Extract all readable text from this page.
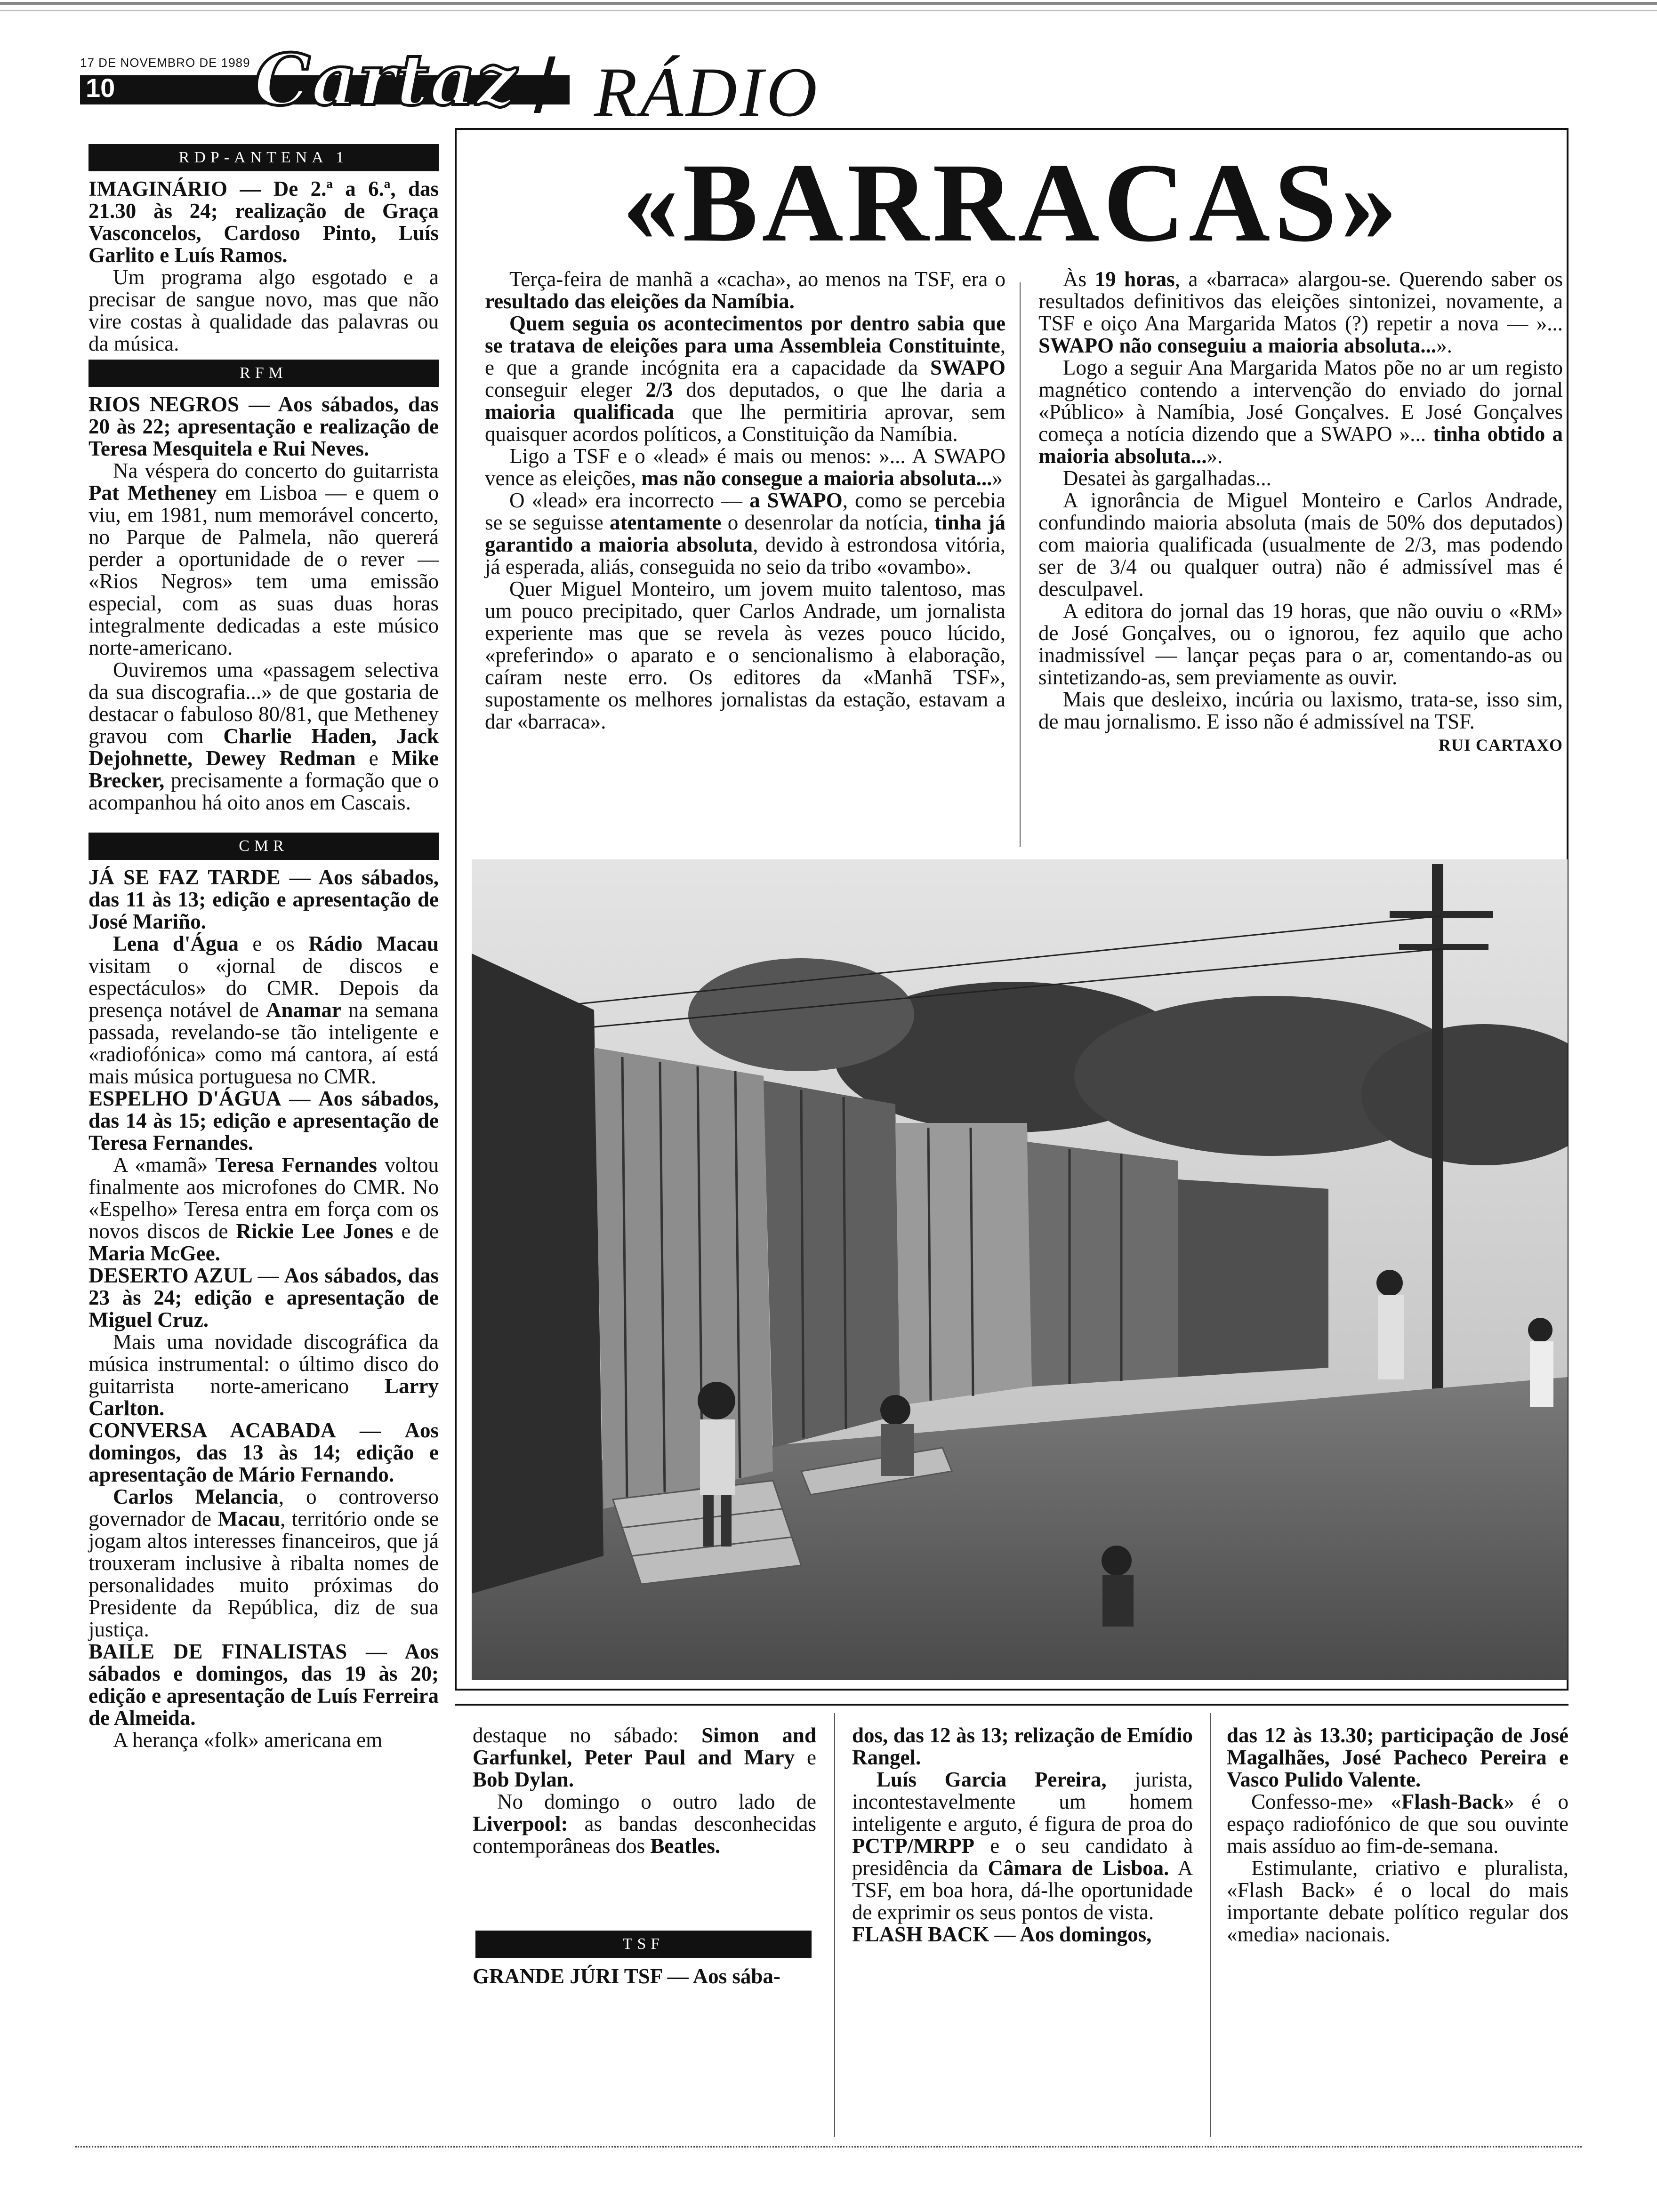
17 DE NOVEMBRO DE 1989
10 Cartaz RÁDIO
RDP-ANTENA 1

IMAGINÁRIO — De 2.ª a 6.ª, das 21.30 às 24; realização de Graça Vasconcelos, Cardoso Pinto, Luís Garlito e Luís Ramos.

Um programa algo esgotado e a precisar de sangue novo, mas que não vire costas à qualidade das palavras ou da música.

RFM

RIOS NEGROS — Aos sábados, das 20 às 22; apresentação e realização de Teresa Mesquitela e Rui Neves.

Na véspera do concerto do guitarrista Pat Metheney em Lisboa — e quem o viu, em 1981, num memorável concerto, no Parque de Palmela, não quererá perder a oportunidade de o rever — «Rios Negros» tem uma emissão especial, com as suas duas horas integralmente dedicadas a este músico norte-americano.

Ouviremos uma «passagem selectiva da sua discografia...» de que gostaria de destacar o fabuloso 80/81, que Metheney gravou com Charlie Haden, Jack Dejohnette, Dewey Redman e Mike Brecker, precisamente a formação que o acompanhou há oito anos em Cascais.

CMR

JÁ SE FAZ TARDE — Aos sábados, das 11 às 13; edição e apresentação de José Mariño.

Lena d'Água e os Rádio Macau visitam o «jornal de discos e espectáculos» do CMR. Depois da presença notável de Anamar na semana passada, revelando-se tão inteligente e «radiofónica» como má cantora, aí está mais música portuguesa no CMR.

ESPELHO D'ÁGUA — Aos sábados, das 14 às 15; edição e apresentação de Teresa Fernandes.

A «mamã» Teresa Fernandes voltou finalmente aos microfones do CMR. No «Espelho» Teresa entra em força com os novos discos de Rickie Lee Jones e de Maria McGee.

DESERTO AZUL — Aos sábados, das 23 às 24; edição e apresentação de Miguel Cruz.

Mais uma novidade discográfica da música instrumental: o último disco do guitarrista norte-americano Larry Carlton.

CONVERSA ACABADA — Aos domingos, das 13 às 14; edição e apresentação de Mário Fernando.

Carlos Melancia, o controverso governador de Macau, território onde se jogam altos interesses financeiros, que já trouxeram inclusive à ribalta nomes de personalidades muito próximas do Presidente da República, diz de sua justiça.

BAILE DE FINALISTAS — Aos sábados e domingos, das 19 às 20; edição e apresentação de Luís Ferreira de Almeida.

A herança «folk» americana em

«BARRACAS»

Terça-feira de manhã a «cacha», ao menos na TSF, era o resultado das eleições da Namíbia.

Quem seguia os acontecimentos por dentro sabia que se tratava de eleições para uma Assembleia Constituinte, e que a grande incógnita era a capacidade da SWAPO conseguir eleger 2/3 dos deputados, o que lhe daria a maioria qualificada que lhe permitiria aprovar, sem quaisquer acordos políticos, a Constituição da Namíbia.

Ligo a TSF e o «lead» é mais ou menos: »... A SWAPO vence as eleições, mas não consegue a maioria absoluta...»

O «lead» era incorrecto — a SWAPO, como se percebia se se seguisse atentamente o desenrolar da notícia, tinha já garantido a maioria absoluta, devido à estrondosa vitória, já esperada, aliás, conseguida no seio da tribo «ovambo».

Quer Miguel Monteiro, um jovem muito talentoso, mas um pouco precipitado, quer Carlos Andrade, um jornalista experiente mas que se revela às vezes pouco lúcido, «preferindo» o aparato e o sencionalismo à elaboração, caíram neste erro. Os editores da «Manhã TSF», supostamente os melhores jornalistas da estação, estavam a dar «barraca».

Às 19 horas, a «barraca» alargou-se. Querendo saber os resultados definitivos das eleições sintonizei, novamente, a TSF e oiço Ana Margarida Matos (?) repetir a nova — »... SWAPO não conseguiu a maioria absoluta...».

Logo a seguir Ana Margarida Matos põe no ar um registo magnético contendo a intervenção do enviado do jornal «Público» à Namíbia, José Gonçalves. E José Gonçalves começa a notícia dizendo que a SWAPO »... tinha obtido a maioria absoluta...».

Desatei às gargalhadas...

A ignorância de Miguel Monteiro e Carlos Andrade, confundindo maioria absoluta (mais de 50% dos deputados) com maioria qualificada (usualmente de 2/3, mas podendo ser de 3/4 ou qualquer outra) não é admissível mas é desculpavel.

A editora do jornal das 19 horas, que não ouviu o «RM» de José Gonçalves, ou o ignorou, fez aquilo que acho inadmissível — lançar peças para o ar, comentando-as ou sintetizando-as, sem previamente as ouvir.

Mais que desleixo, incúria ou laxismo, trata-se, isso sim, de mau jornalismo. E isso não é admissível na TSF.

RUI CARTAXO

destaque no sábado: Simon and Garfunkel, Peter Paul and Mary e Bob Dylan.

No domingo o outro lado de Liverpool: as bandas desconhecidas contemporâneas dos Beatles.

TSF

GRANDE JÚRI TSF — Aos sába-

dos, das 12 às 13; relização de Emídio Rangel.

Luís Garcia Pereira, jurista, incontestavelmente um homem inteligente e arguto, é figura de proa do PCTP/MRPP e o seu candidato à presidência da Câmara de Lisboa. A TSF, em boa hora, dá-lhe oportunidade de exprimir os seus pontos de vista.

FLASH BACK — Aos domingos,

das 12 às 13.30; participação de José Magalhães, José Pacheco Pereira e Vasco Pulido Valente.

Confesso-me» «Flash-Back» é o espaço radiofónico de que sou ouvinte mais assíduo ao fim-de-semana.

Estimulante, criativo e pluralista, «Flash Back» é o local do mais importante debate político regular dos «media» nacionais.
